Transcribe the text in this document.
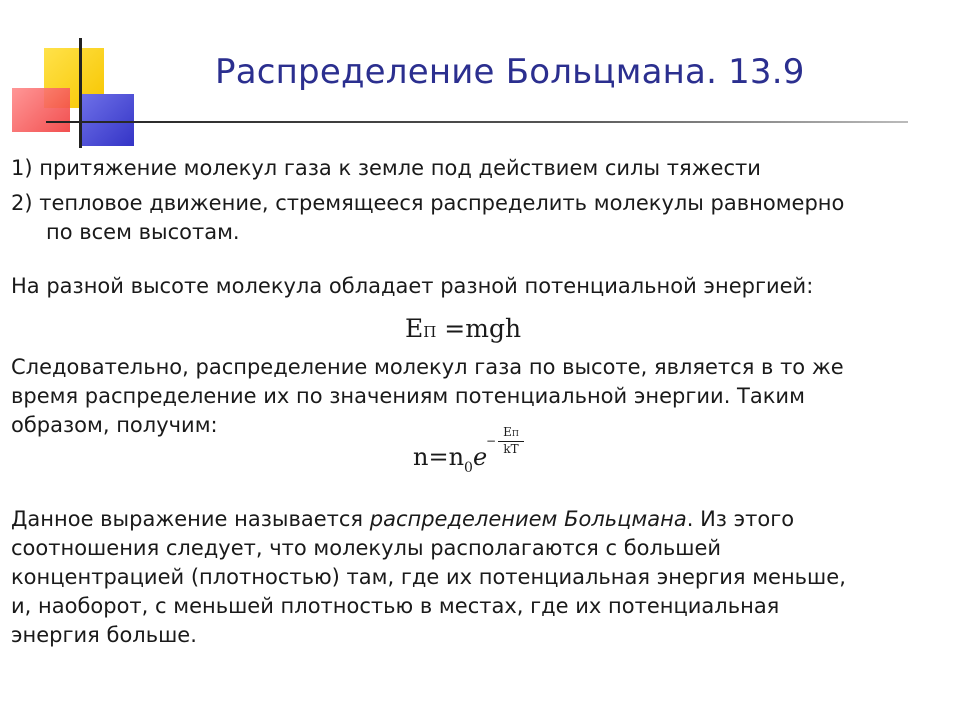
Распределение Больцмана. 13.9

1) притяжение молекул газа к земле под действием силы тяжести

2) тепловое движение, стремящееся распределить молекулы равномерно

по всем высотам.

На разной высоте молекула обладает разной потенциальной энергией:

EП =mgh

Следовательно, распределение молекул газа по высоте, является в то же

время распределение их по значениям потенциальной энергии. Таким

образом, получим:

$n=n_0e$
−
EП
kT

Данное выражение называется распределением Больцмана. Из этого

соотношения следует, что молекулы располагаются с большей

концентрацией (плотностью) там, где их потенциальная энергия меньше,

и, наоборот, с меньшей плотностью в местах, где их потенциальная

энергия больше.
